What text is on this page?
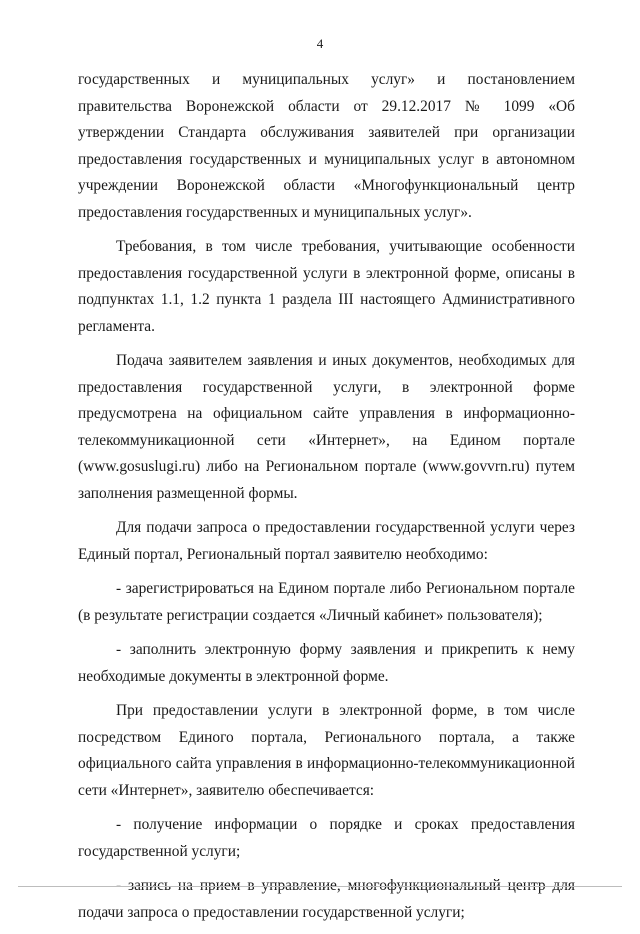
4

государственных и муниципальных услуг» и постановлением правительства Воронежской области от 29.12.2017 № 1099 «Об утверждении Стандарта обслуживания заявителей при организации предоставления государственных и муниципальных услуг в автономном учреждении Воронежской области «Многофункциональный центр предоставления государственных и муниципальных услуг».

Требования, в том числе требования, учитывающие особенности предоставления государственной услуги в электронной форме, описаны в подпунктах 1.1, 1.2 пункта 1 раздела III настоящего Административного регламента.

Подача заявителем заявления и иных документов, необходимых для предоставления государственной услуги, в электронной форме предусмотрена на официальном сайте управления в информационно-телекоммуникационной сети «Интернет», на Едином портале (www.gosuslugi.ru) либо на Региональном портале (www.govvrn.ru) путем заполнения размещенной формы.

Для подачи запроса о предоставлении государственной услуги через Единый портал, Региональный портал заявителю необходимо:

- зарегистрироваться на Едином портале либо Региональном портале (в результате регистрации создается «Личный кабинет» пользователя);

- заполнить электронную форму заявления и прикрепить к нему необходимые документы в электронной форме.

При предоставлении услуги в электронной форме, в том числе посредством Единого портала, Регионального портала, а также официального сайта управления в информационно-телекоммуникационной сети «Интернет», заявителю обеспечивается:

- получение информации о порядке и сроках предоставления государственной услуги;

- запись на прием в управление, многофункциональный центр для подачи запроса о предоставлении государственной услуги;
